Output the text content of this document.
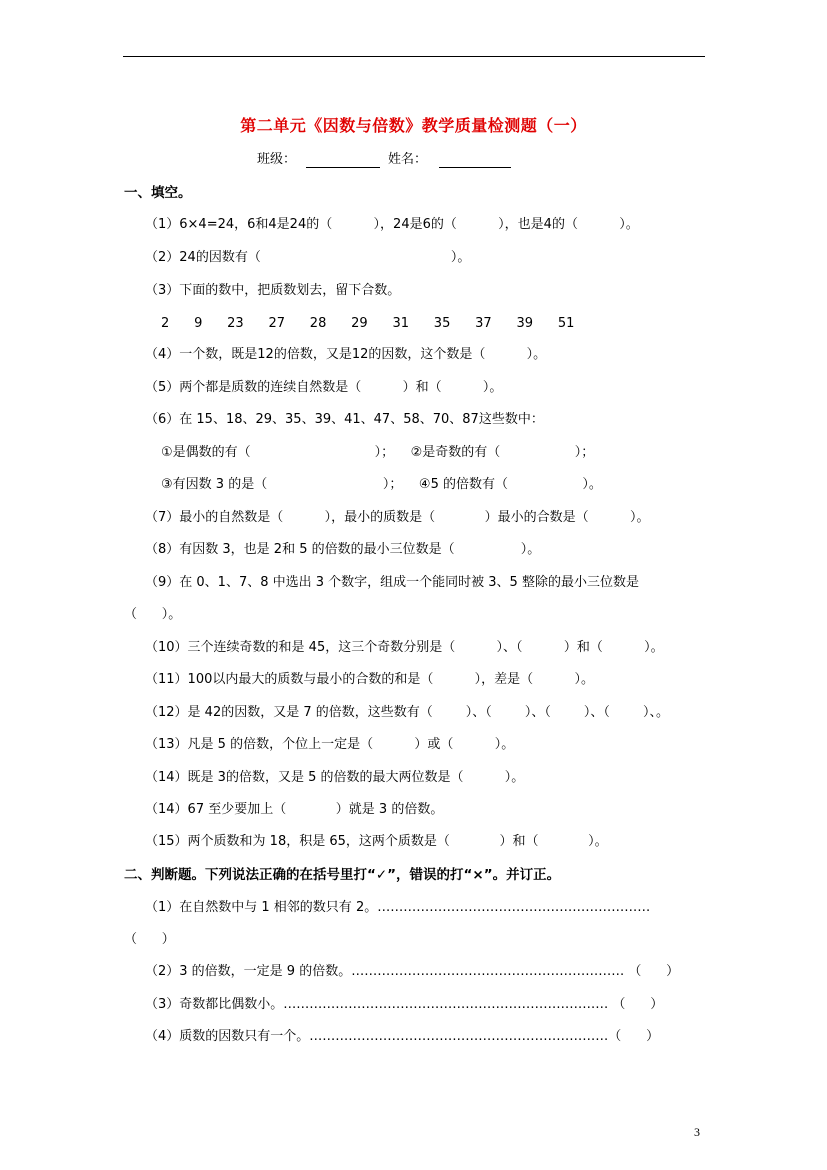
第二单元《因数与倍数》教学质量检测题（一）
班级：	姓名：
一、填空。
（1）6×4=24，6和4是24的（          ），24是6的（          ），也是4的（          ）。
（2）24的因数有（                                              ）。
（3）下面的数中，把质数划去，留下合数。
2      9      23      27      28      29      31      35      37      39      51
（4）一个数，既是12的倍数，又是12的因数，这个数是（          ）。
（5）两个都是质数的连续自然数是（          ）和（          ）。
（6）在 15、18、29、35、39、41、47、58、70、87这些数中：
①是偶数的有（                              ）；    ②是奇数的有（                  ）；
③有因数 3 的是（                            ）；    ④5 的倍数有（                  ）。
（7）最小的自然数是（          ），最小的质数是（            ）最小的合数是（          ）。
（8）有因数 3，也是 2和 5 的倍数的最小三位数是（                ）。
（9）在 0、1、7、8 中选出 3 个数字，组成一个能同时被 3、5 整除的最小三位数是
（      ）。
（10）三个连续奇数的和是 45，这三个奇数分别是（          ）、（          ）和（          ）。
（11）100以内最大的质数与最小的合数的和是（          ），差是（          ）。
（12）是 42的因数，又是 7 的倍数，这些数有（        ）、（        ）、（        ）、（        ）、。
（13）凡是 5 的倍数，个位上一定是（          ）或（          ）。
（14）既是 3的倍数，又是 5 的倍数的最大两位数是（          ）。
（14）67 至少要加上（            ）就是 3 的倍数。
（15）两个质数和为 18，积是 65，这两个质数是（            ）和（            ）。
二、判断题。下列说法正确的在括号里打“✓”，错误的打“×”。并订正。
（1）在自然数中与 1 相邻的数只有 2。………………………………………………………
（      ）
（2）3 的倍数，一定是 9 的倍数。……………………………………………………… （      ）
（3）奇数都比偶数小。………………………………………………………………… （      ）
（4）质数的因数只有一个。……………………………………………………………（      ）
3
